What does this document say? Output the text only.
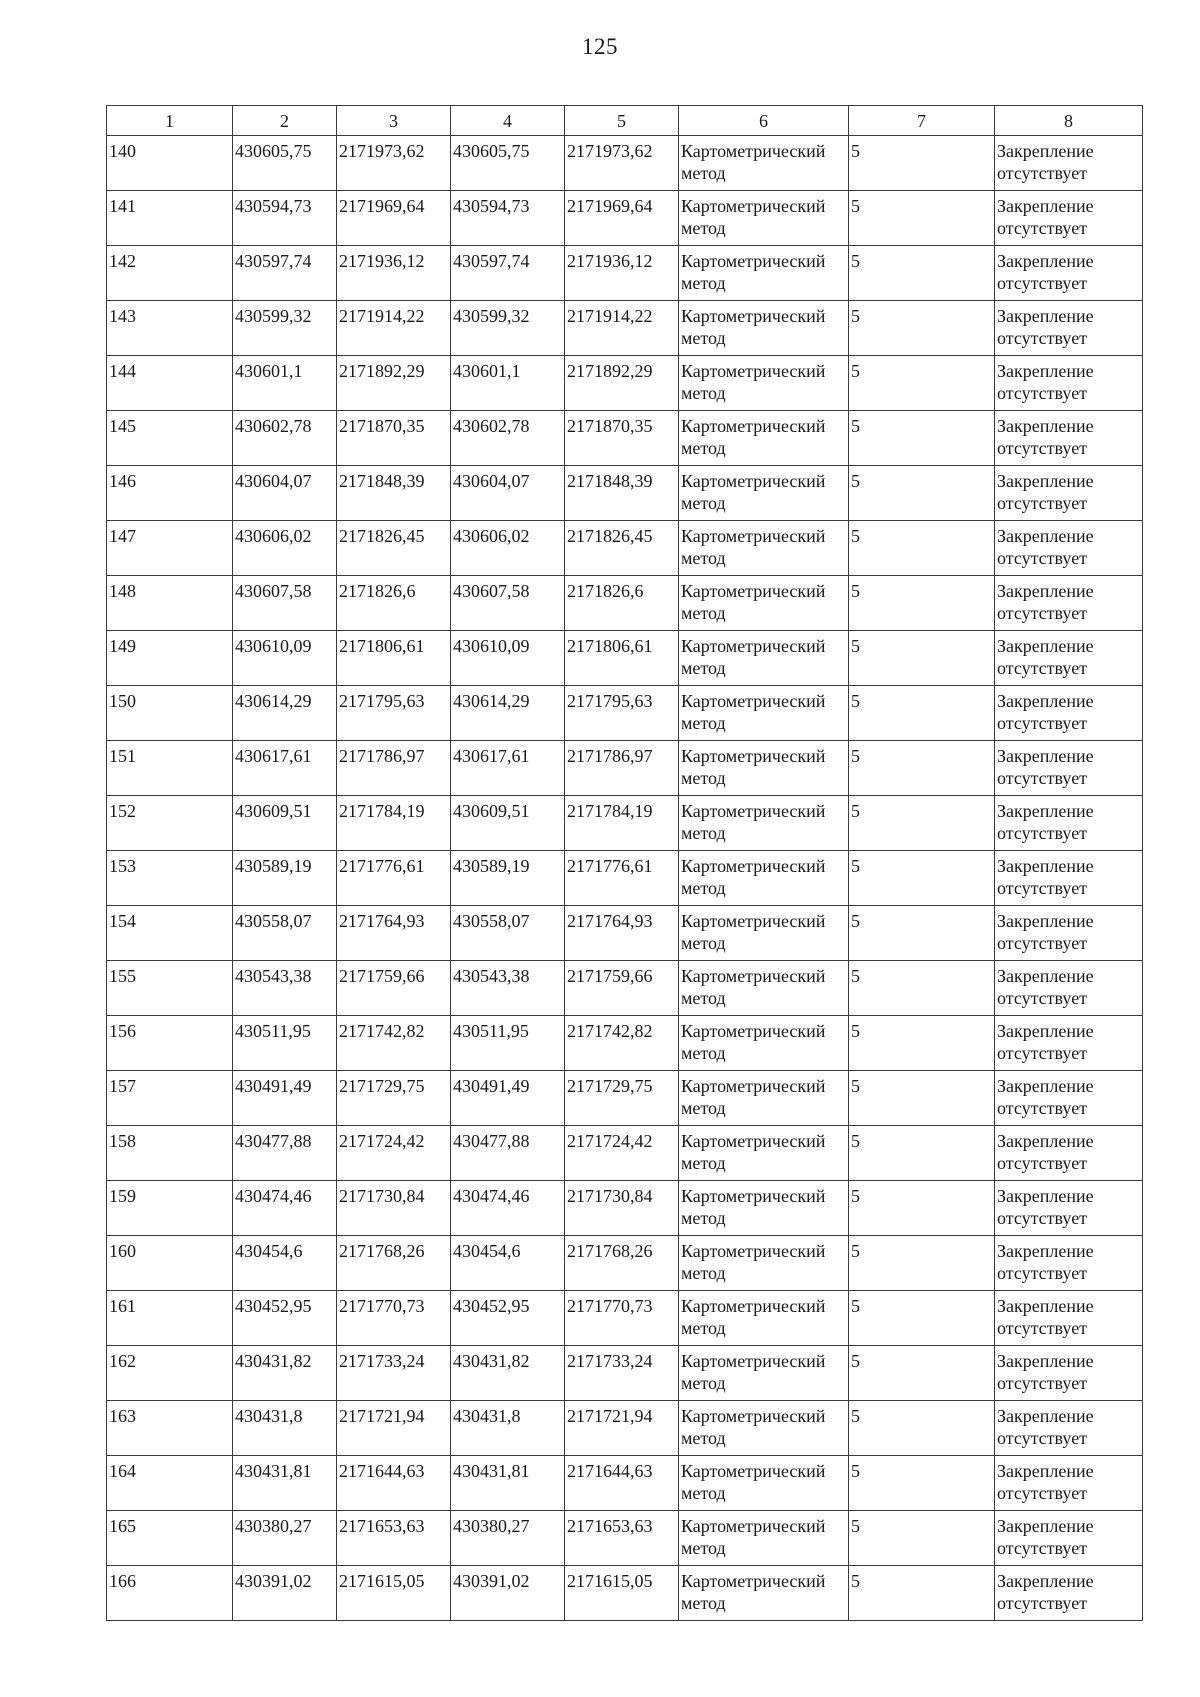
125
1	2	3	4	5	6	7	8
140	430605,75	2171973,62	430605,75	2171973,62	Картометрический метод	5	Закрепление отсутствует
141	430594,73	2171969,64	430594,73	2171969,64	Картометрический метод	5	Закрепление отсутствует
142	430597,74	2171936,12	430597,74	2171936,12	Картометрический метод	5	Закрепление отсутствует
143	430599,32	2171914,22	430599,32	2171914,22	Картометрический метод	5	Закрепление отсутствует
144	430601,1	2171892,29	430601,1	2171892,29	Картометрический метод	5	Закрепление отсутствует
145	430602,78	2171870,35	430602,78	2171870,35	Картометрический метод	5	Закрепление отсутствует
146	430604,07	2171848,39	430604,07	2171848,39	Картометрический метод	5	Закрепление отсутствует
147	430606,02	2171826,45	430606,02	2171826,45	Картометрический метод	5	Закрепление отсутствует
148	430607,58	2171826,6	430607,58	2171826,6	Картометрический метод	5	Закрепление отсутствует
149	430610,09	2171806,61	430610,09	2171806,61	Картометрический метод	5	Закрепление отсутствует
150	430614,29	2171795,63	430614,29	2171795,63	Картометрический метод	5	Закрепление отсутствует
151	430617,61	2171786,97	430617,61	2171786,97	Картометрический метод	5	Закрепление отсутствует
152	430609,51	2171784,19	430609,51	2171784,19	Картометрический метод	5	Закрепление отсутствует
153	430589,19	2171776,61	430589,19	2171776,61	Картометрический метод	5	Закрепление отсутствует
154	430558,07	2171764,93	430558,07	2171764,93	Картометрический метод	5	Закрепление отсутствует
155	430543,38	2171759,66	430543,38	2171759,66	Картометрический метод	5	Закрепление отсутствует
156	430511,95	2171742,82	430511,95	2171742,82	Картометрический метод	5	Закрепление отсутствует
157	430491,49	2171729,75	430491,49	2171729,75	Картометрический метод	5	Закрепление отсутствует
158	430477,88	2171724,42	430477,88	2171724,42	Картометрический метод	5	Закрепление отсутствует
159	430474,46	2171730,84	430474,46	2171730,84	Картометрический метод	5	Закрепление отсутствует
160	430454,6	2171768,26	430454,6	2171768,26	Картометрический метод	5	Закрепление отсутствует
161	430452,95	2171770,73	430452,95	2171770,73	Картометрический метод	5	Закрепление отсутствует
162	430431,82	2171733,24	430431,82	2171733,24	Картометрический метод	5	Закрепление отсутствует
163	430431,8	2171721,94	430431,8	2171721,94	Картометрический метод	5	Закрепление отсутствует
164	430431,81	2171644,63	430431,81	2171644,63	Картометрический метод	5	Закрепление отсутствует
165	430380,27	2171653,63	430380,27	2171653,63	Картометрический метод	5	Закрепление отсутствует
166	430391,02	2171615,05	430391,02	2171615,05	Картометрический метод	5	Закрепление отсутствует
